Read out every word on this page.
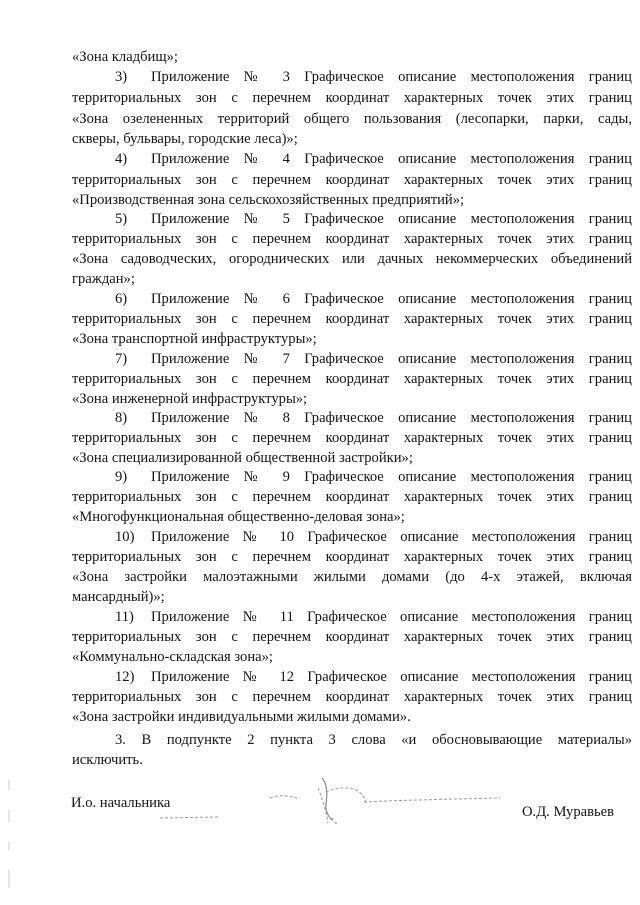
«Зона кладбищ»;
3) Приложение № 3 Графическое описание местоположения границ
территориальных зон с перечнем координат характерных точек этих границ
«Зона озелененных территорий общего пользования (лесопарки, парки, сады,
скверы, бульвары, городские леса)»;
4) Приложение № 4 Графическое описание местоположения границ
территориальных зон с перечнем координат характерных точек этих границ
«Производственная зона сельскохозяйственных предприятий»;
5) Приложение № 5 Графическое описание местоположения границ
территориальных зон с перечнем координат характерных точек этих границ
«Зона садоводческих, огороднических или дачных некоммерческих объединений
граждан»;
6) Приложение № 6 Графическое описание местоположения границ
территориальных зон с перечнем координат характерных точек этих границ
«Зона транспортной инфраструктуры»;
7) Приложение № 7 Графическое описание местоположения границ
территориальных зон с перечнем координат характерных точек этих границ
«Зона инженерной инфраструктуры»;
8) Приложение № 8 Графическое описание местоположения границ
территориальных зон с перечнем координат характерных точек этих границ
«Зона специализированной общественной застройки»;
9) Приложение № 9 Графическое описание местоположения границ
территориальных зон с перечнем координат характерных точек этих границ
«Многофункциональная общественно-деловая зона»;
10) Приложение № 10 Графическое описание местоположения границ
территориальных зон с перечнем координат характерных точек этих границ
«Зона застройки малоэтажными жилыми домами (до 4-х этажей, включая
мансардный)»;
11) Приложение № 11 Графическое описание местоположения границ
территориальных зон с перечнем координат характерных точек этих границ
«Коммунально-складская зона»;
12) Приложение № 12 Графическое описание местоположения границ
территориальных зон с перечнем координат характерных точек этих границ
«Зона застройки индивидуальными жилыми домами».
3. В подпункте 2 пункта 3 слова «и обосновывающие материалы»
исключить.
И.о. начальника
О.Д. Муравьев
